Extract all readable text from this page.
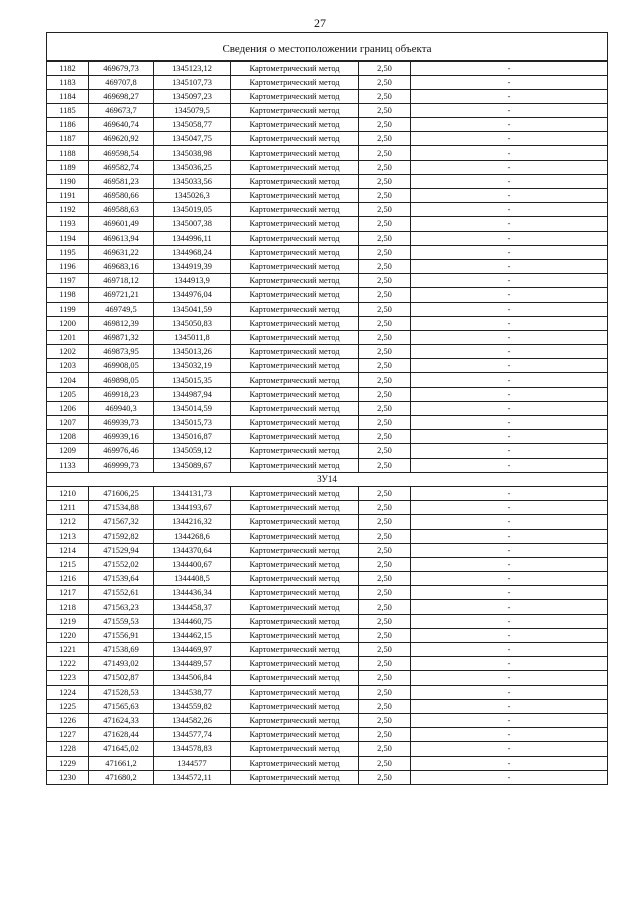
27
Сведения о местоположении границ объекта					
1182	469679,73	1345123,12	Картометрический метод	2,50	-
1183	469707,8	1345107,73	Картометрический метод	2,50	-
1184	469698,27	1345097,23	Картометрический метод	2,50	-
1185	469673,7	1345079,5	Картометрический метод	2,50	-
1186	469640,74	1345058,77	Картометрический метод	2,50	-
1187	469620,92	1345047,75	Картометрический метод	2,50	-
1188	469598,54	1345038,98	Картометрический метод	2,50	-
1189	469582,74	1345036,25	Картометрический метод	2,50	-
1190	469581,23	1345033,56	Картометрический метод	2,50	-
1191	469580,66	1345026,3	Картометрический метод	2,50	-
1192	469588,63	1345019,05	Картометрический метод	2,50	-
1193	469601,49	1345007,38	Картометрический метод	2,50	-
1194	469613,94	1344996,11	Картометрический метод	2,50	-
1195	469631,22	1344968,24	Картометрический метод	2,50	-
1196	469683,16	1344919,39	Картометрический метод	2,50	-
1197	469718,12	1344913,9	Картометрический метод	2,50	-
1198	469721,21	1344976,04	Картометрический метод	2,50	-
1199	469749,5	1345041,59	Картометрический метод	2,50	-
1200	469812,39	1345050,83	Картометрический метод	2,50	-
1201	469871,32	1345011,8	Картометрический метод	2,50	-
1202	469873,95	1345013,26	Картометрический метод	2,50	-
1203	469908,05	1345032,19	Картометрический метод	2,50	-
1204	469898,05	1345015,35	Картометрический метод	2,50	-
1205	469918,23	1344987,94	Картометрический метод	2,50	-
1206	469940,3	1345014,59	Картометрический метод	2,50	-
1207	469939,73	1345015,73	Картометрический метод	2,50	-
1208	469939,16	1345016,87	Картометрический метод	2,50	-
1209	469976,46	1345059,12	Картометрический метод	2,50	-
1133	469999,73	1345089,67	Картометрический метод	2,50	-
ЗУ14					
1210	471606,25	1344131,73	Картометрический метод	2,50	-
1211	471534,88	1344193,67	Картометрический метод	2,50	-
1212	471567,32	1344216,32	Картометрический метод	2,50	-
1213	471592,82	1344268,6	Картометрический метод	2,50	-
1214	471529,94	1344370,64	Картометрический метод	2,50	-
1215	471552,02	1344400,67	Картометрический метод	2,50	-
1216	471539,64	1344408,5	Картометрический метод	2,50	-
1217	471552,61	1344436,34	Картометрический метод	2,50	-
1218	471563,23	1344458,37	Картометрический метод	2,50	-
1219	471559,53	1344460,75	Картометрический метод	2,50	-
1220	471556,91	1344462,15	Картометрический метод	2,50	-
1221	471538,69	1344469,97	Картометрический метод	2,50	-
1222	471493,02	1344489,57	Картометрический метод	2,50	-
1223	471502,87	1344506,84	Картометрический метод	2,50	-
1224	471528,53	1344538,77	Картометрический метод	2,50	-
1225	471565,63	1344559,82	Картометрический метод	2,50	-
1226	471624,33	1344582,26	Картометрический метод	2,50	-
1227	471628,44	1344577,74	Картометрический метод	2,50	-
1228	471645,02	1344578,83	Картометрический метод	2,50	-
1229	471661,2	1344577	Картометрический метод	2,50	-
1230	471680,2	1344572,11	Картометрический метод	2,50	-
